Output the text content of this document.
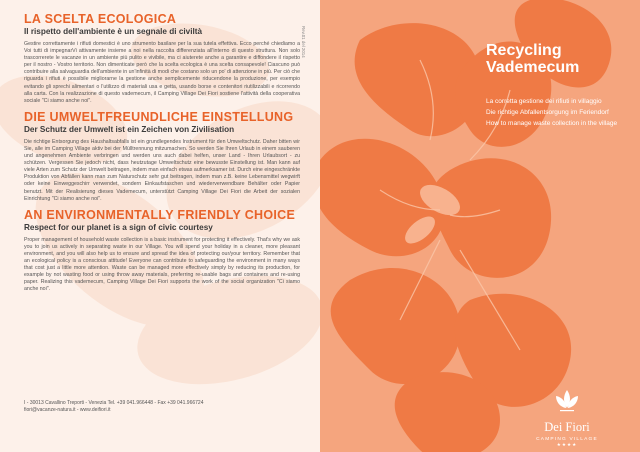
LA SCELTA ECOLOGICA
Il rispetto dell'ambiente è un segnale di civiltà

Gestire correttamente i rifiuti domestici è uno strumento basilare per la sua tutela effettiva. Ecco perché chiediamo a Voi tutti di impegnarVi attivamente insieme a noi nella raccolta differenziata all'interno di questo struttura. Non solo trascorrerete le vacanze in un ambiente più pulito e vivibile, ma ci aiuterete anche a garantire e diffondere il rispetto per il nostro - Vostro territorio. Non dimenticate però che la scelta ecologica è una scelta consapevole! Ciascuno può contribuire alla salvaguardia dell'ambiente in un'infinità di modi che costano solo un po' di attenzione in più. Per ciò che riguarda i rifiuti è possibile migliorarne la gestione anche semplicemente riducendone la produzione, per esempio evitando gli sprechi alimentari o l'utilizzo di materiali usa e getta, usando borse e contenitori riutilizzabili e ricorrendo alla carta. Con la realizzazione di questo vademecum, il Camping Village Dei Fiori sostiene l'attività della cooperativa sociale "Ci siamo anche noi".

DIE UMWELTFREUNDLICHE EINSTELLUNG
Der Schutz der Umwelt ist ein Zeichen von Zivilisation

Die richtige Entsorgung des Haushaltsabfalls ist ein grundlegendes Instrument für den Umweltschutz. Daher bitten wir Sie, alle im Camping Village aktiv bei der Mülltrennung mitzumachen. So werden Sie Ihren Urlaub in einem sauberen und angenehmen Ambiente verbringen und werden uns auch dabei helfen, unser Land - Ihren Urlaubsort - zu schützen. Vergessen Sie jedoch nicht, dass heutzutage Umweltschutz eine bewusste Einstellung ist. Man kann auf viele Arten zum Schutz der Umwelt beitragen, indem man einfach etwas aufmerksamer ist. Durch eine eingeschränkte Produktion von Abfällen kann man zum Naturschutz sehr gut beitragen, indem man z.B. keine Lebensmittel wegwirft oder keine Einweggeschirr verwendet, sondern Einkaufstaschen und wiederverwendbare Behälter oder Papier benutzt. Mit der Realisierung dieses Vademecum, unterstützt Camping Village Dei Fiori die Arbeit der sozialen Einrichtung "Ci siamo anche noi".

AN ENVIRONMENTALLY FRIENDLY CHOICE
Respect for our planet is a sign of civic courtesy

Proper management of household waste collection is a basic instrument for protecting it effectively. That's why we ask you to join us actively in separating waste in our Village. You will spend your holiday in a cleaner, more pleasant environment, and you will also help us to ensure and spread the idea of protecting our/your territory. Remember that an ecological policy is a conscious attitude! Everyone can contribute to safeguarding the environment in many ways that cost just a little more attention. Waste can be managed more effectively simply by reducing its production, for example by not wasting food or using throw away materials, preferring re-usable bags and containers and re-using paper. Realizing this vademecum, Camping Village Dei Fiori supports the work of the social organization "Ci siamo anche noi".

I - 30013 Cavallino Treporti - Venezia Tel. +39 041.966448 - Fax +39 041.966724
fiori@vacanze-natura.it - www.deifiori.it
Rev.01 del 2014	Recycling
Vademecum
La corretta gestione dei rifiuti in villaggio
Die richtige Abfallentsorgung im Feriendorf
How to manage waste collection in the village
Dei Fiori
CAMPING VILLAGE
★★★★
